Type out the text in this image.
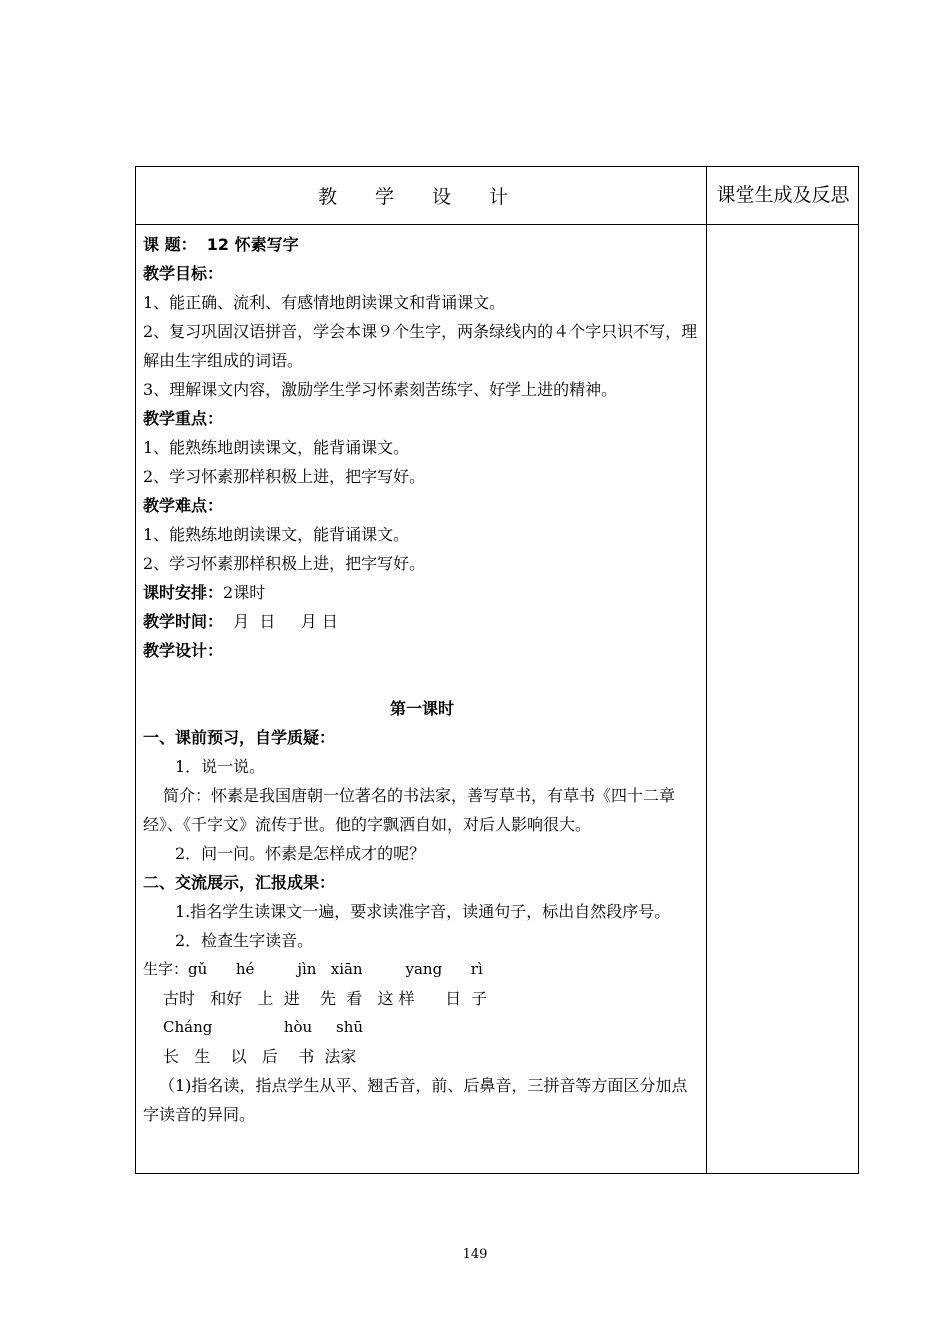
教 学 设 计	课堂生成 及反思

课 题： 12 怀素写字

教学目标：

1、能正确、流利、有感情地朗读课文和背诵课文。

2、复习巩固汉语拼音，学会本课９个生字，两条绿线内的４个字只识不写，理解由生字组成的词语。

3、理解课文内容，激励学生学习怀素刻苦练字、好学上进的精神。

教学重点：

1、能熟练地朗读课文，能背诵课文。

2、学习怀素那样积极上进，把字写好。

教学难点：

1、能熟练地朗读课文，能背诵课文。

2、学习怀素那样积极上进，把字写好。

课时安排：2课时

教学时间：  月  日     月 日

教学设计：

第一课时

一、课前预习，自学质疑：

1．说一说。

简介：怀素是我国唐朝一位著名的书法家，善写草书，有草书《四十二章经》、《千字文》流传于世。他的字飘洒自如，对后人影响很大。

2．问一问。怀素是怎样成才的呢？

二、交流展示，汇报成果：

1.指名学生读课文一遍，要求读准字音，读通句子，标出自然段序号。

2．检查生字读音。

生字：gǔ      hé         jìn   xiān         yang      rì

古时   和好   上  进    先  看   这 样      日  子

Cháng               hòu     shū

长   生    以   后    书  法家

（1)指名读，指点学生从平、翘舌音，前、后鼻音，三拼音等方面区分加点字读音的异同。

149
